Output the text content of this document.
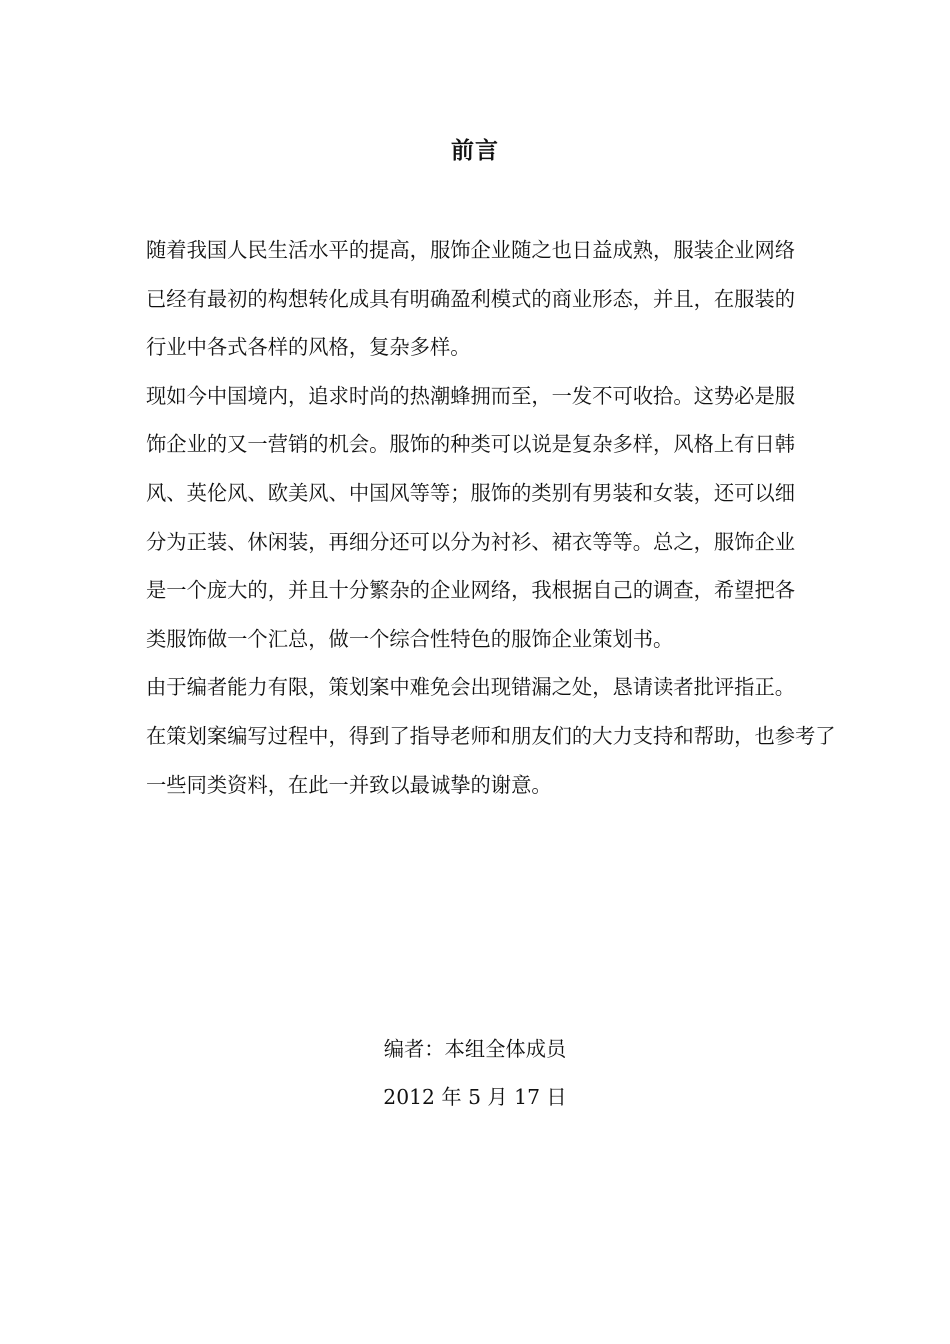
前言

随着我国人民生活水平的提高，服饰企业随之也日益成熟，服装企业网络已经有最初的构想转化成具有明确盈利模式的商业形态，并且，在服装的行业中各式各样的风格，复杂多样。

现如今中国境内，追求时尚的热潮蜂拥而至，一发不可收拾。这势必是服饰企业的又一营销的机会。服饰的种类可以说是复杂多样，风格上有日韩风、英伦风、欧美风、中国风等等；服饰的类别有男装和女装，还可以细分为正装、休闲装，再细分还可以分为衬衫、裙衣等等。总之，服饰企业是一个庞大的，并且十分繁杂的企业网络，我根据自己的调查，希望把各类服饰做一个汇总，做一个综合性特色的服饰企业策划书。

由于编者能力有限，策划案中难免会出现错漏之处，恳请读者批评指正。

在策划案编写过程中，得到了指导老师和朋友们的大力支持和帮助，也参考了一些同类资料，在此一并致以最诚挚的谢意。

编者：本组全体成员
2012 年 5 月 17 日
